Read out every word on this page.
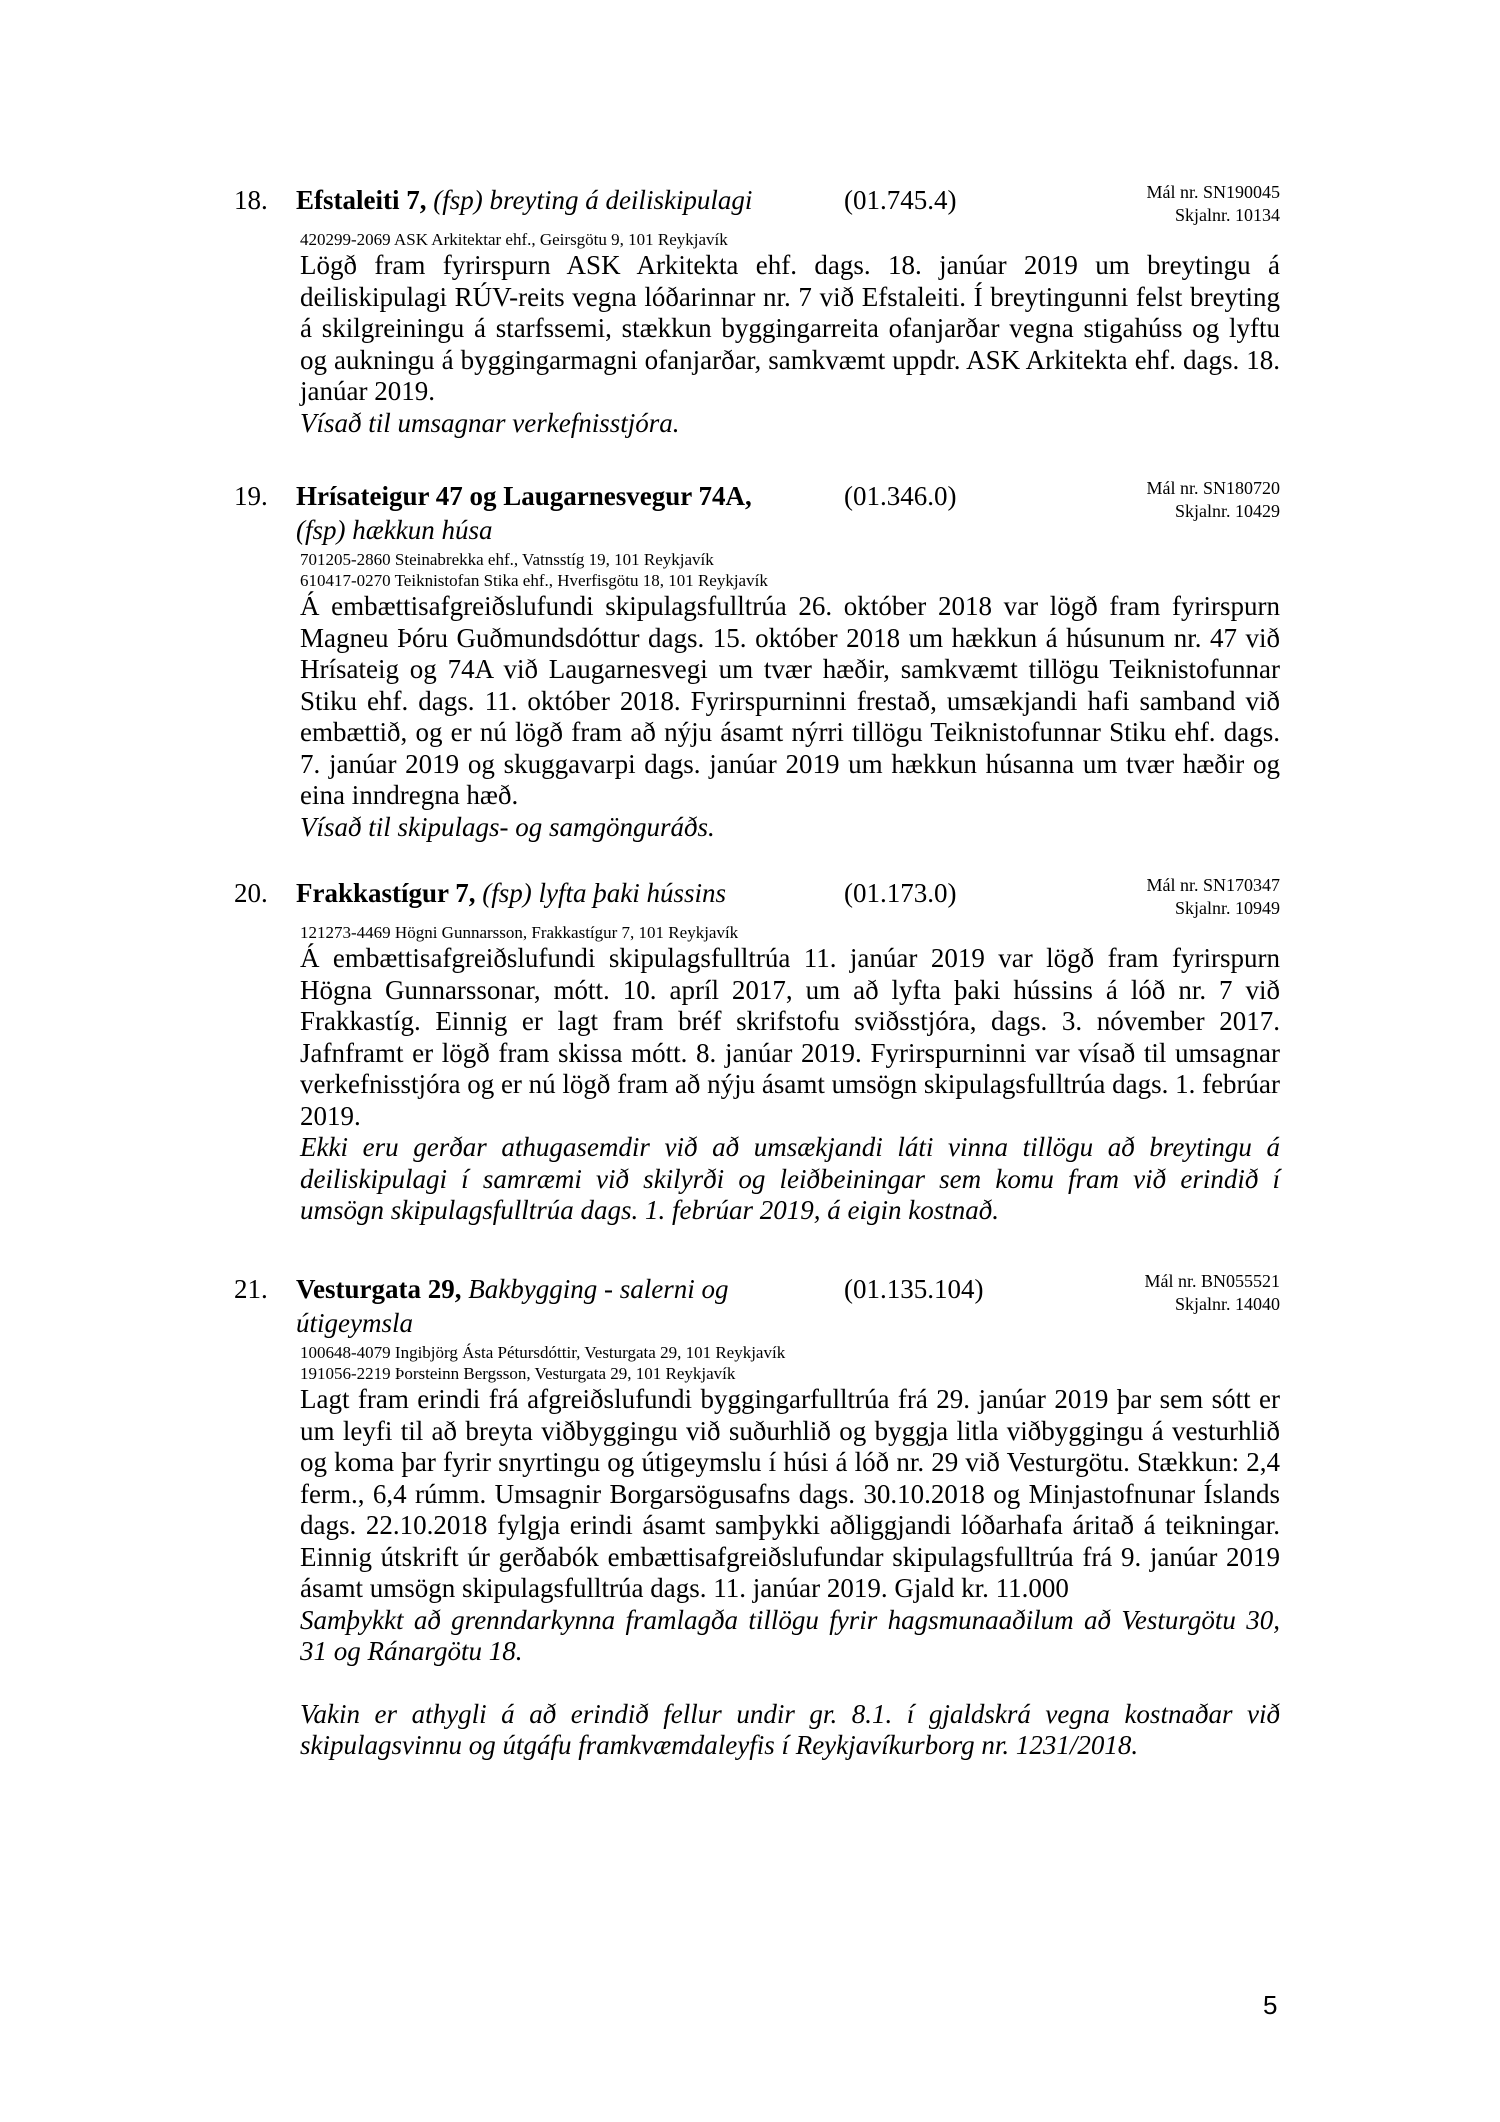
18. Efstaleiti 7, (fsp) breyting á deiliskipulagi	(01.745.4)	Mál nr. SN190045
Skjalnr. 10134
420299-2069 ASK Arkitektar ehf., Geirsgötu 9, 101 Reykjavík
Lögð fram fyrirspurn ASK Arkitekta ehf. dags. 18. janúar 2019 um breytingu á deiliskipulagi RÚV-reits vegna lóðarinnar nr. 7 við Efstaleiti. Í breytingunni felst breyting á skilgreiningu á starfssemi, stækkun byggingarreita ofanjarðar vegna stigahúss og lyftu og aukningu á byggingarmagni ofanjarðar, samkvæmt uppdr. ASK Arkitekta ehf. dags. 18. janúar 2019.
Vísað til umsagnar verkefnisstjóra.
19. Hrísateigur 47 og Laugarnesvegur 74A, (fsp) hækkun húsa
(01.346.0)	Mál nr. SN180720
Skjalnr. 10429
701205-2860 Steinabrekka ehf., Vatnsstíg 19, 101 Reykjavík
610417-0270 Teiknistofan Stika ehf., Hverfisgötu 18, 101 Reykjavík
Á embættisafgreiðslufundi skipulagsfulltrúa 26. október 2018 var lögð fram fyrirspurn Magneu Þóru Guðmundsdóttur dags. 15. október 2018 um hækkun á húsunum nr. 47 við Hrísateig og 74A við Laugarnesvegi um tvær hæðir, samkvæmt tillögu Teiknistofunnar Stiku ehf. dags. 11. október 2018. Fyrirspurninni frestað, umsækjandi hafi samband við embættið, og er nú lögð fram að nýju ásamt nýrri tillögu Teiknistofunnar Stiku ehf. dags. 7. janúar 2019 og skuggavarpi dags. janúar 2019 um hækkun húsanna um tvær hæðir og eina inndregna hæð.
Vísað til skipulags- og samgönguráðs.
20. Frakkastígur 7, (fsp) lyfta þaki hússins	(01.173.0)	Mál nr. SN170347
Skjalnr. 10949
121273-4469 Högni Gunnarsson, Frakkastígur 7, 101 Reykjavík
Á embættisafgreiðslufundi skipulagsfulltrúa 11. janúar 2019 var lögð fram fyrirspurn Högna Gunnarssonar, mótt. 10. apríl 2017, um að lyfta þaki hússins á lóð nr. 7 við Frakkastíg. Einnig er lagt fram bréf skrifstofu sviðsstjóra, dags. 3. nóvember 2017. Jafnframt er lögð fram skissa mótt. 8. janúar 2019. Fyrirspurninni var vísað til umsagnar verkefnisstjóra og er nú lögð fram að nýju ásamt umsögn skipulagsfulltrúa dags. 1. febrúar 2019.
Ekki eru gerðar athugasemdir við að umsækjandi láti vinna tillögu að breytingu á deiliskipulagi í samræmi við skilyrði og leiðbeiningar sem komu fram við erindið í umsögn skipulagsfulltrúa dags. 1. febrúar 2019, á eigin kostnað.
21. Vesturgata 29, Bakbygging - salerni og útigeymsla
(01.135.104)	Mál nr. BN055521
Skjalnr. 14040
100648-4079 Ingibjörg Ásta Pétursdóttir, Vesturgata 29, 101 Reykjavík
191056-2219 Þorsteinn Bergsson, Vesturgata 29, 101 Reykjavík
Lagt fram erindi frá afgreiðslufundi byggingarfulltrúa frá 29. janúar 2019 þar sem sótt er um leyfi til að breyta viðbyggingu við suðurhlið og byggja litla viðbyggingu á vesturhlið og koma þar fyrir snyrtingu og útigeymslu í húsi á lóð nr. 29 við Vesturgötu. Stækkun: 2,4 ferm., 6,4 rúmm. Umsagnir Borgarsögusafns dags. 30.10.2018 og Minjastofnunar Íslands dags. 22.10.2018 fylgja erindi ásamt samþykki aðliggjandi lóðarhafa áritað á teikningar. Einnig útskrift úr gerðabók embættisafgreiðslufundar skipulagsfulltrúa frá 9. janúar 2019 ásamt umsögn skipulagsfulltrúa dags. 11. janúar 2019. Gjald kr. 11.000
Samþykkt að grenndarkynna framlagða tillögu fyrir hagsmunaaðilum að Vesturgötu 30, 31 og Ránargötu 18.
Vakin er athygli á að erindið fellur undir gr. 8.1. í gjaldskrá vegna kostnaðar við skipulagsvinnu og útgáfu framkvæmdaleyfis í Reykjavíkurborg nr. 1231/2018.
5
